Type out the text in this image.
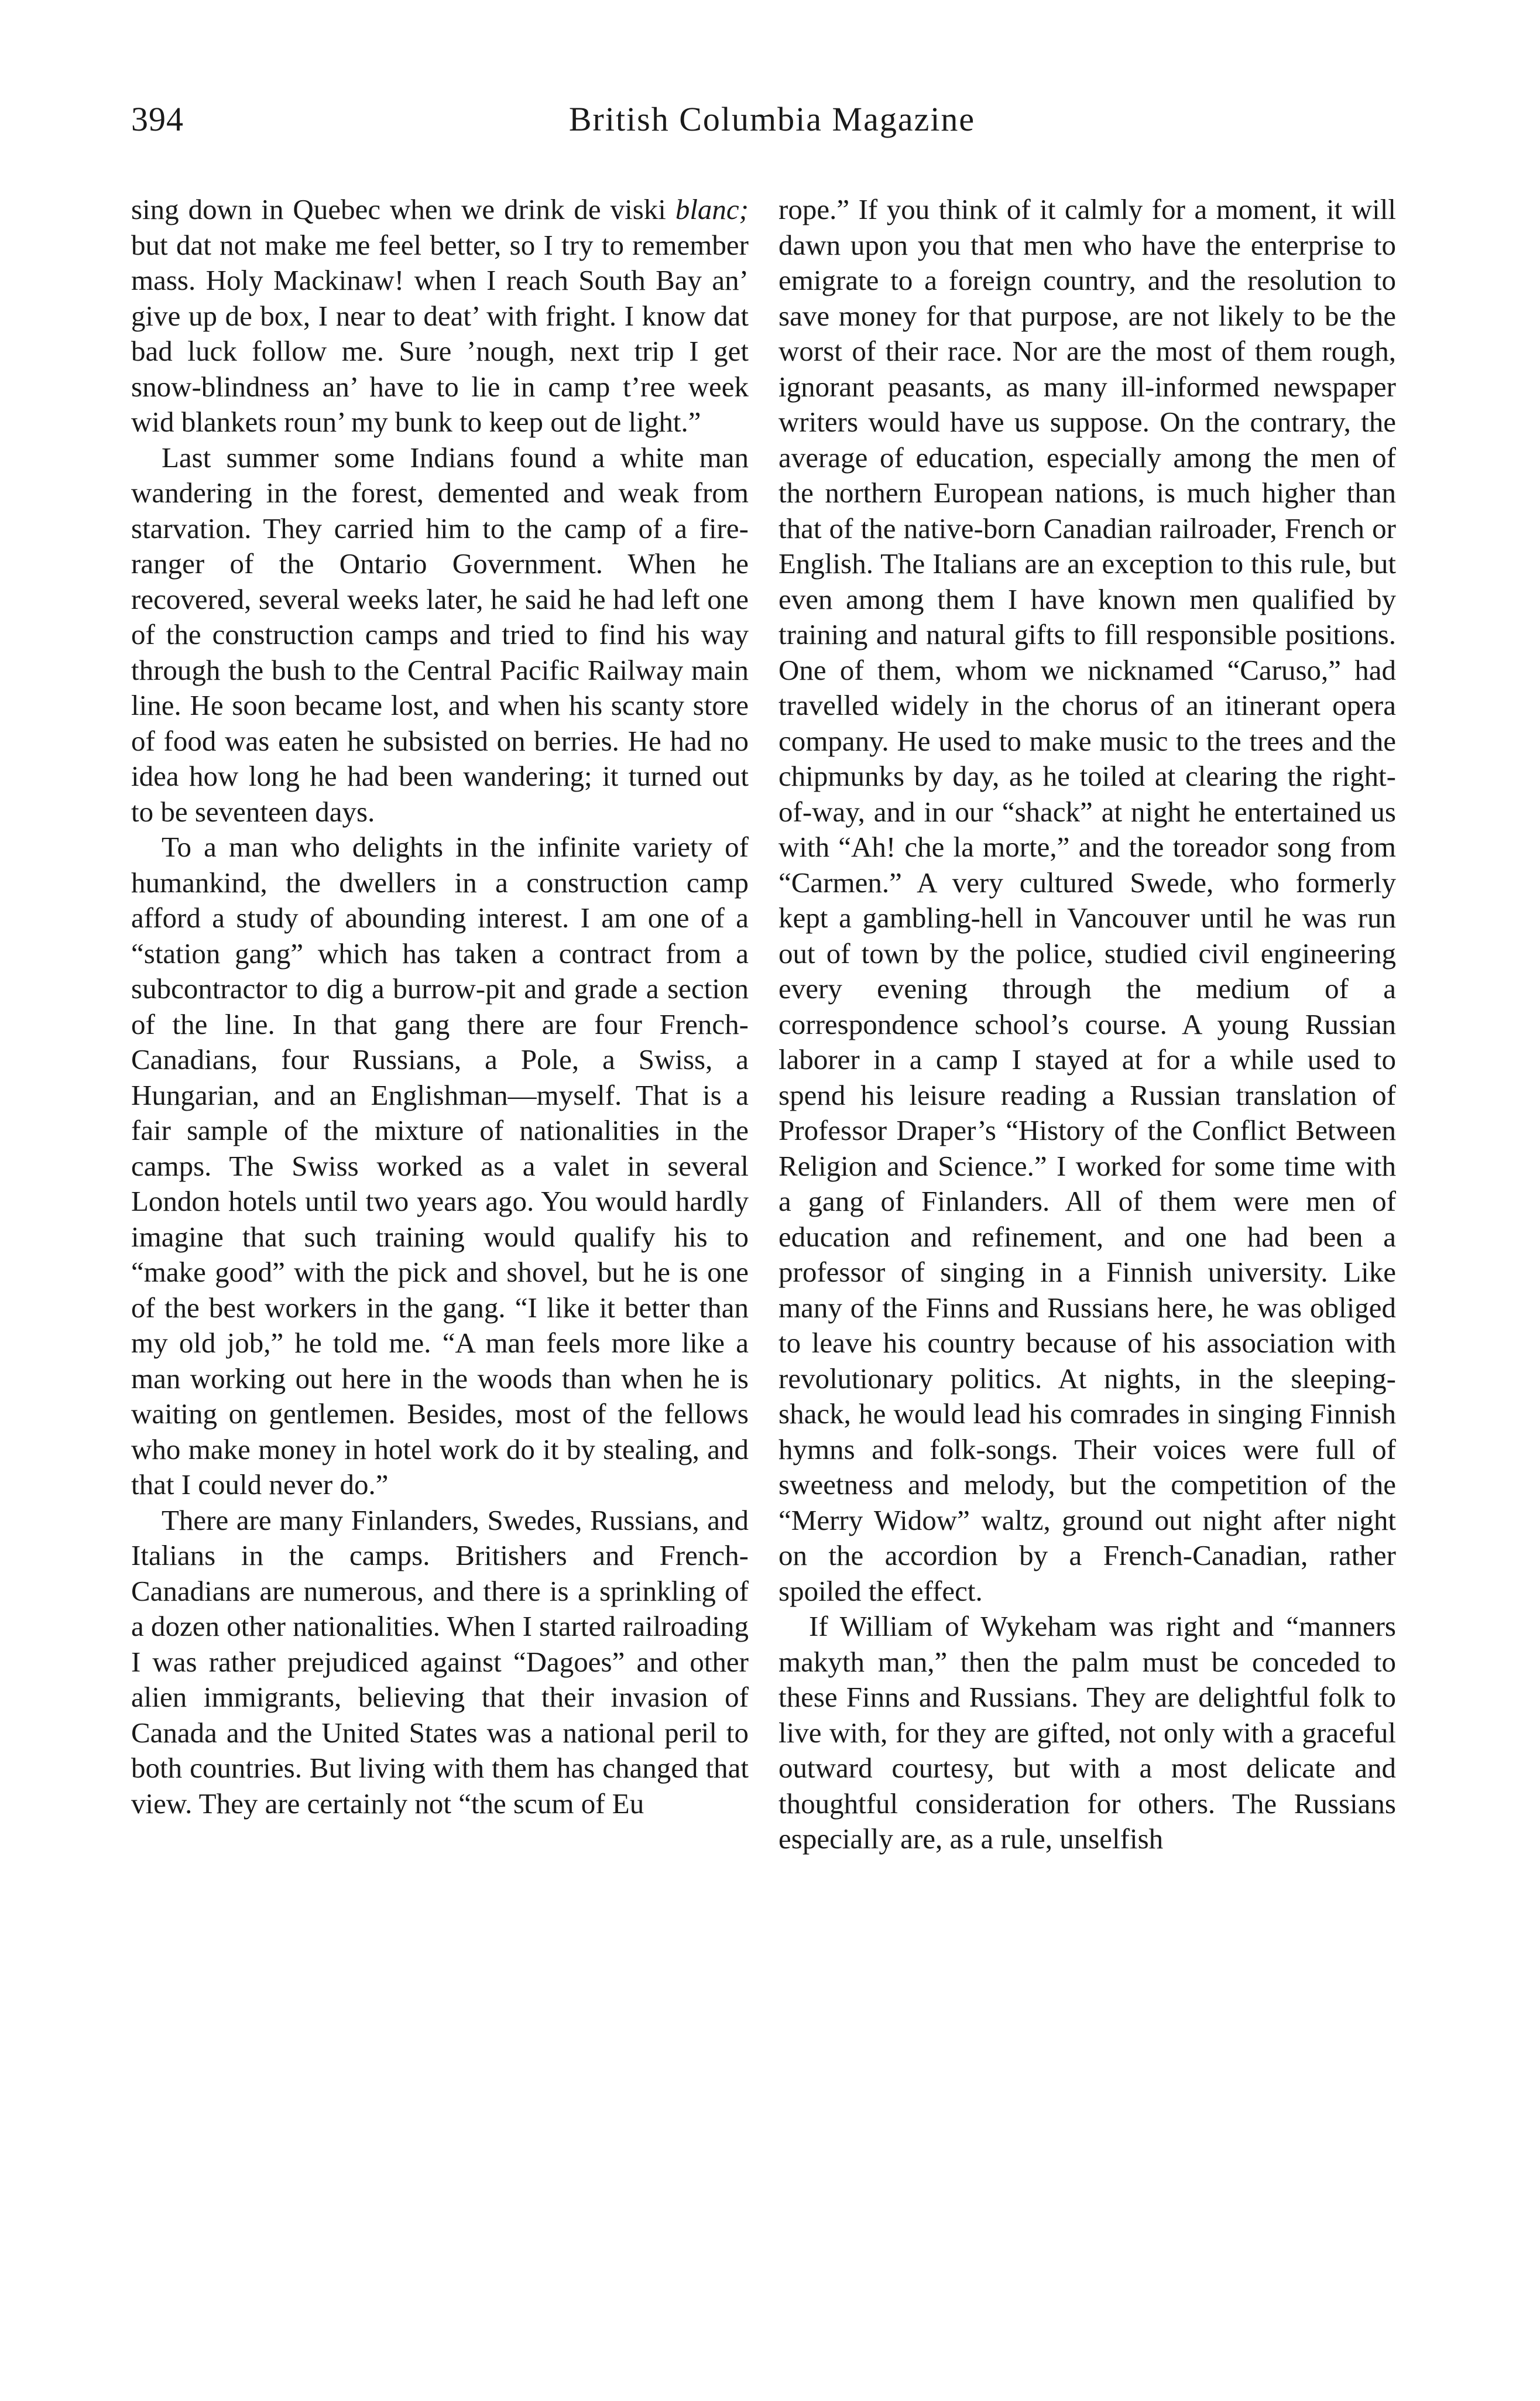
394	British Columbia Magazine

sing down in Quebec when we drink de viski blanc; but dat not make me feel better, so I try to remember mass. Holy Mackinaw! when I reach South Bay an’ give up de box, I near to deat’ with fright. I know dat bad luck follow me. Sure ’nough, next trip I get snow-blindness an’ have to lie in camp t’ree week wid blankets roun’ my bunk to keep out de light.”

Last summer some Indians found a white man wandering in the forest, demented and weak from starvation. They carried him to the camp of a fire-ranger of the Ontario Government. When he recovered, several weeks later, he said he had left one of the construction camps and tried to find his way through the bush to the Central Pacific Railway main line. He soon became lost, and when his scanty store of food was eaten he subsisted on berries. He had no idea how long he had been wandering; it turned out to be seventeen days.

To a man who delights in the infinite variety of humankind, the dwellers in a construction camp afford a study of abounding interest. I am one of a “station gang” which has taken a contract from a subcontractor to dig a burrow-pit and grade a section of the line. In that gang there are four French-Canadians, four Russians, a Pole, a Swiss, a Hungarian, and an Englishman—myself. That is a fair sample of the mixture of nationalities in the camps. The Swiss worked as a valet in several London hotels until two years ago. You would hardly imagine that such training would qualify his to “make good” with the pick and shovel, but he is one of the best workers in the gang. “I like it better than my old job,” he told me. “A man feels more like a man working out here in the woods than when he is waiting on gentlemen. Besides, most of the fellows who make money in hotel work do it by stealing, and that I could never do.”

There are many Finlanders, Swedes, Russians, and Italians in the camps. Britishers and French-Canadians are numerous, and there is a sprinkling of a dozen other nationalities. When I started railroading I was rather prejudiced against “Dagoes” and other alien immigrants, believing that their invasion of Canada and the United States was a national peril to both countries. But living with them has changed that view. They are certainly not “the scum of Eu

rope.” If you think of it calmly for a moment, it will dawn upon you that men who have the enterprise to emigrate to a foreign country, and the resolution to save money for that purpose, are not likely to be the worst of their race. Nor are the most of them rough, ignorant peasants, as many ill-informed newspaper writers would have us suppose. On the contrary, the average of education, especially among the men of the northern European nations, is much higher than that of the native-born Canadian railroader, French or English. The Italians are an exception to this rule, but even among them I have known men qualified by training and natural gifts to fill responsible positions. One of them, whom we nicknamed “Caruso,” had travelled widely in the chorus of an itinerant opera company. He used to make music to the trees and the chipmunks by day, as he toiled at clearing the right-of-way, and in our “shack” at night he entertained us with “Ah! che la morte,” and the toreador song from “Carmen.” A very cultured Swede, who formerly kept a gambling-hell in Vancouver until he was run out of town by the police, studied civil engineering every evening through the medium of a correspondence school’s course. A young Russian laborer in a camp I stayed at for a while used to spend his leisure reading a Russian translation of Professor Draper’s “History of the Conflict Between Religion and Science.” I worked for some time with a gang of Finlanders. All of them were men of education and refinement, and one had been a professor of singing in a Finnish university. Like many of the Finns and Russians here, he was obliged to leave his country because of his association with revolutionary politics. At nights, in the sleeping-shack, he would lead his comrades in singing Finnish hymns and folk-songs. Their voices were full of sweetness and melody, but the competition of the “Merry Widow” waltz, ground out night after night on the accordion by a French-Canadian, rather spoiled the effect.

If William of Wykeham was right and “manners makyth man,” then the palm must be conceded to these Finns and Russians. They are delightful folk to live with, for they are gifted, not only with a graceful outward courtesy, but with a most delicate and thoughtful consideration for others. The Russians especially are, as a rule, unselfish
